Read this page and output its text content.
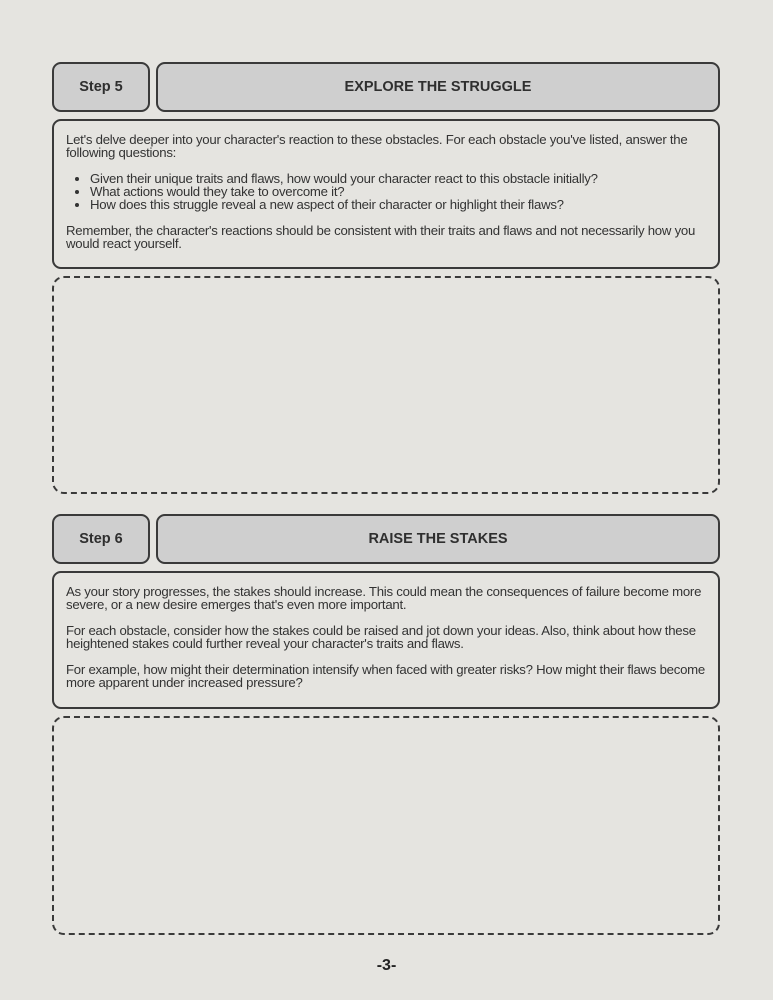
Step 5	EXPLORE THE STRUGGLE

Let's delve deeper into your character's reaction to these obstacles. For each obstacle you've listed, answer the following questions:

• Given their unique traits and flaws, how would your character react to this obstacle initially?
• What actions would they take to overcome it?
• How does this struggle reveal a new aspect of their character or highlight their flaws?

Remember, the character's reactions should be consistent with their traits and flaws and not necessarily how you would react yourself.

Step 6	RAISE THE STAKES

As your story progresses, the stakes should increase. This could mean the consequences of failure become more severe, or a new desire emerges that's even more important.

For each obstacle, consider how the stakes could be raised and jot down your ideas. Also, think about how these heightened stakes could further reveal your character's traits and flaws.

For example, how might their determination intensify when faced with greater risks? How might their flaws become more apparent under increased pressure?

-3-
